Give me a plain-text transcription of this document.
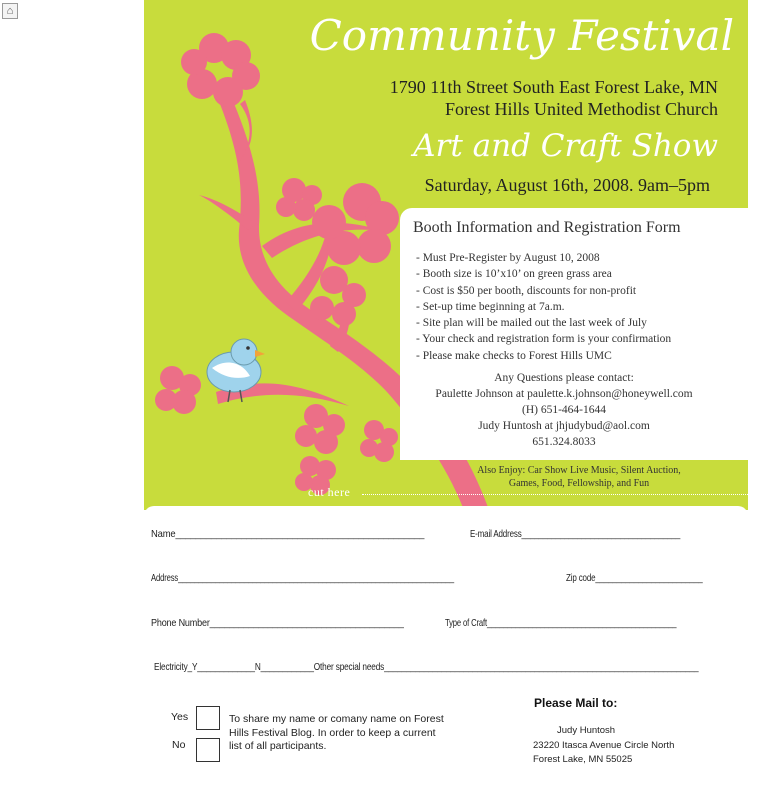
⌂	Community Festival
1790 11th Street South East Forest Lake, MN
Forest Hills United Methodist Church
Art and Craft Show
Saturday, August 16th, 2008. 9am–5pm
cut here
Booth Information and Registration Form
- Must Pre-Register by August 10, 2008
- Booth size is 10’x10’ on green grass area
- Cost is $50 per booth, discounts for non-profit
- Set-up time beginning at 7a.m.
- Site plan will be mailed out the last week of July
- Your check and registration form is your confirmation
- Please make checks to Forest Hills UMC
Any Questions please contact:
Paulette Johnson at paulette.k.johnson@honeywell.com
(H) 651-464-1644
Judy Huntosh at jhjudybud@aol.com
651.324.8033
Also Enjoy: Car Show Live Music, Silent Auction,
Games, Food, Fellowship, and Fun
Name_________________________________________________	E-mail Address_____________________________________
Address___________________________________________________________________	Zip code_________________________
Phone Number________________________________________	Type of Craft______________________________________________
Electricity_Y_____________N____________Other special needs_______________________________________________________________________
Yes
No
To share my name or comany name on Forest Hills Festival Blog. In order to keep a current list of all participants.
Please Mail to:
Judy Huntosh
23220 Itasca Avenue Circle North
Forest Lake, MN 55025
